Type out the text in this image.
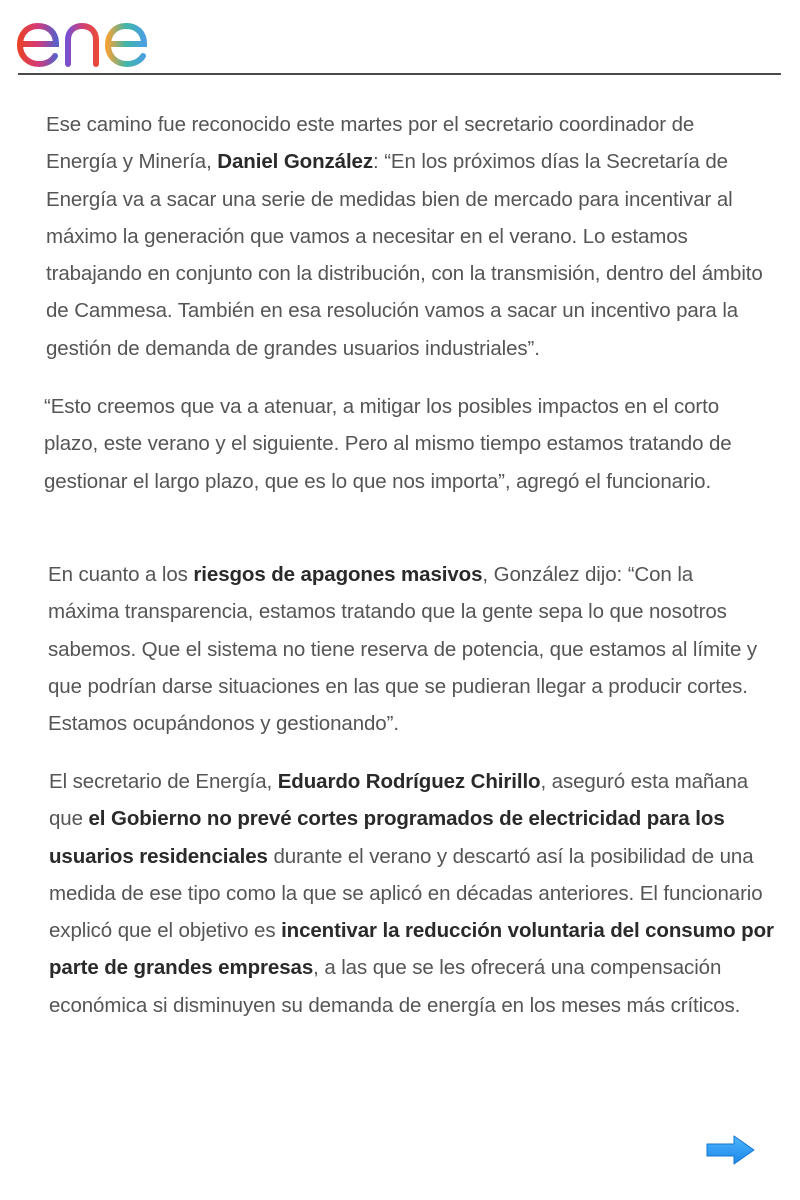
Ese camino fue reconocido este martes por el secretario coordinador de Energía y Minería, Daniel González: “En los próximos días la Secretaría de Energía va a sacar una serie de medidas bien de mercado para incentivar al máximo la generación que vamos a necesitar en el verano. Lo estamos trabajando en conjunto con la distribución, con la transmisión, dentro del ámbito de Cammesa. También en esa resolución vamos a sacar un incentivo para la gestión de demanda de grandes usuarios industriales”.

“Esto creemos que va a atenuar, a mitigar los posibles impactos en el corto plazo, este verano y el siguiente. Pero al mismo tiempo estamos tratando de gestionar el largo plazo, que es lo que nos importa”, agregó el funcionario.

En cuanto a los riesgos de apagones masivos, González dijo: “Con la máxima transparencia, estamos tratando que la gente sepa lo que nosotros sabemos. Que el sistema no tiene reserva de potencia, que estamos al límite y que podrían darse situaciones en las que se pudieran llegar a producir cortes. Estamos ocupándonos y gestionando”.

El secretario de Energía, Eduardo Rodríguez Chirillo, aseguró esta mañana que el Gobierno no prevé cortes programados de electricidad para los usuarios residenciales durante el verano y descartó así la posibilidad de una medida de ese tipo como la que se aplicó en décadas anteriores. El funcionario explicó que el objetivo es incentivar la reducción voluntaria del consumo por parte de grandes empresas, a las que se les ofrecerá una compensación económica si disminuyen su demanda de energía en los meses más críticos.
